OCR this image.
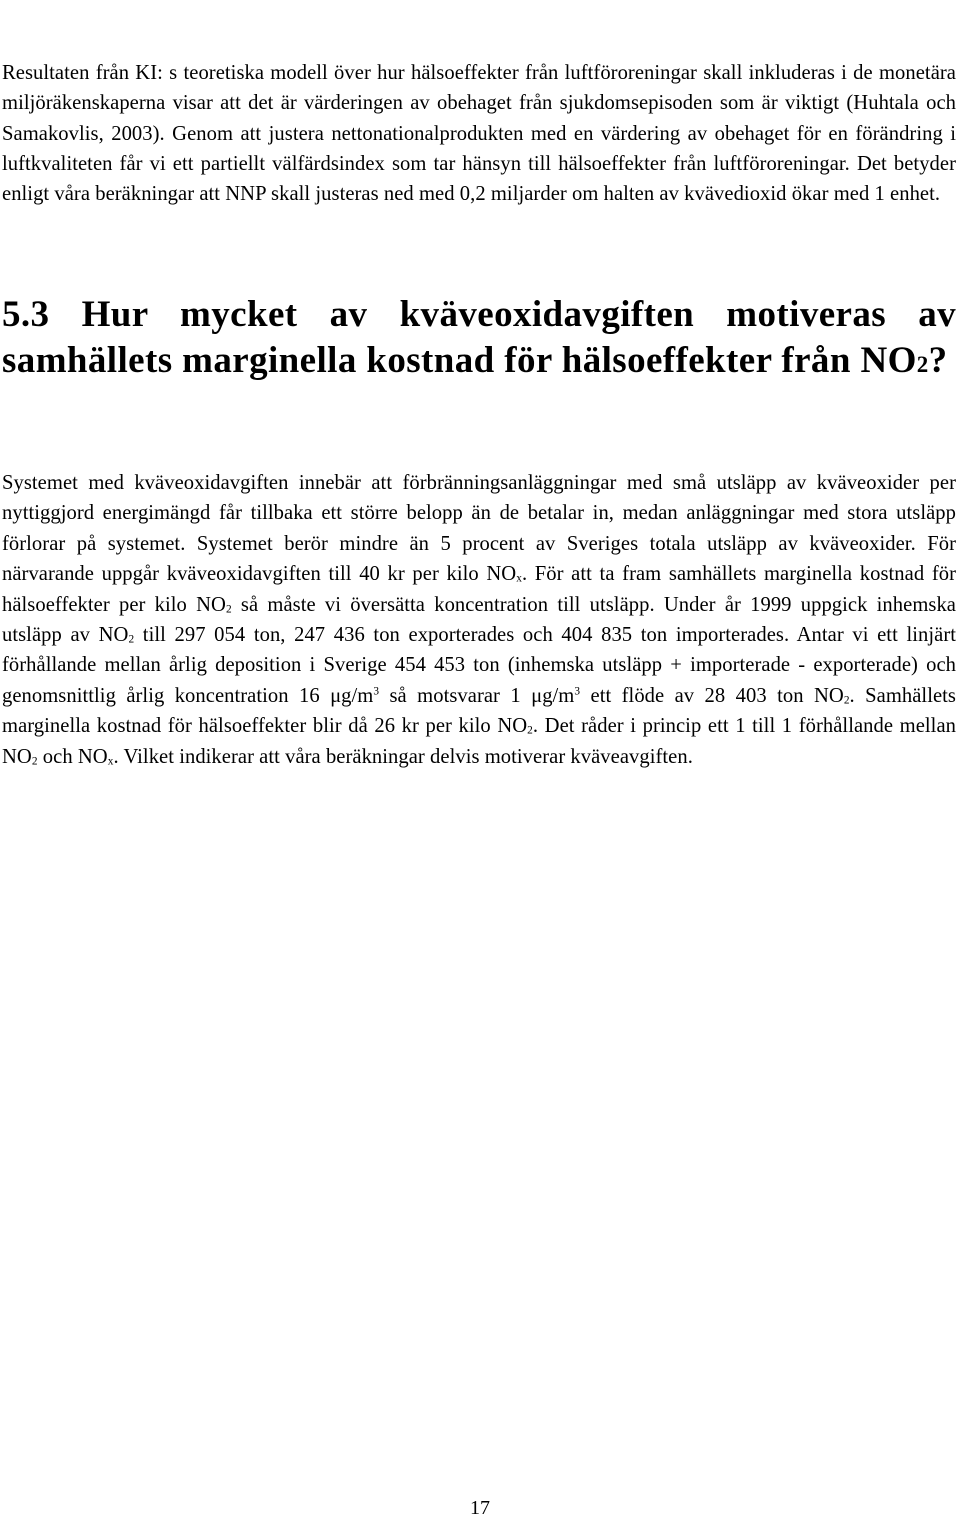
Resultaten från KI: s teoretiska modell över hur hälsoeffekter från luftföroreningar skall inkluderas i de monetära miljöräkenskaperna visar att det är värderingen av obehaget från sjukdomsepisoden som är viktigt (Huhtala och Samakovlis, 2003). Genom att justera nettonationalprodukten med en värdering av obehaget för en förändring i luftkvaliteten får vi ett partiellt välfärdsindex som tar hänsyn till hälsoeffekter från luftföroreningar. Det betyder enligt våra beräkningar att NNP skall justeras ned med 0,2 miljarder om halten av kvävedioxid ökar med 1 enhet.

5.3 Hur mycket av kväveoxidavgiften motiveras av samhällets marginella kostnad för hälsoeffekter från NO2?

Systemet med kväveoxidavgiften innebär att förbränningsanläggningar med små utsläpp av kväveoxider per nyttiggjord energimängd får tillbaka ett större belopp än de betalar in, medan anläggningar med stora utsläpp förlorar på systemet. Systemet berör mindre än 5 procent av Sveriges totala utsläpp av kväveoxider. För närvarande uppgår kväveoxidavgiften till 40 kr per kilo $NO_x$. För att ta fram samhällets marginella kostnad för hälsoeffekter per kilo $NO_2$ så måste vi översätta koncentration till utsläpp. Under år 1999 uppgick inhemska utsläpp av $NO_2$ till 297 054 ton, 247 436 ton exporterades och 404 835 ton importerades. Antar vi ett linjärt förhållande mellan årlig deposition i Sverige 454 453 ton (inhemska utsläpp + importerade - exporterade) och genomsnittlig årlig koncentration 16 $\mu g/m^3$ så motsvarar 1 $\mu g/m^3$ ett flöde av 28 403 ton $NO_2$. Samhällets marginella kostnad för hälsoeffekter blir då 26 kr per kilo $NO_2$. Det råder i princip ett 1 till 1 förhållande mellan $NO_2$ och $NO_x$. Vilket indikerar att våra beräkningar delvis motiverar kväveavgiften.

17
